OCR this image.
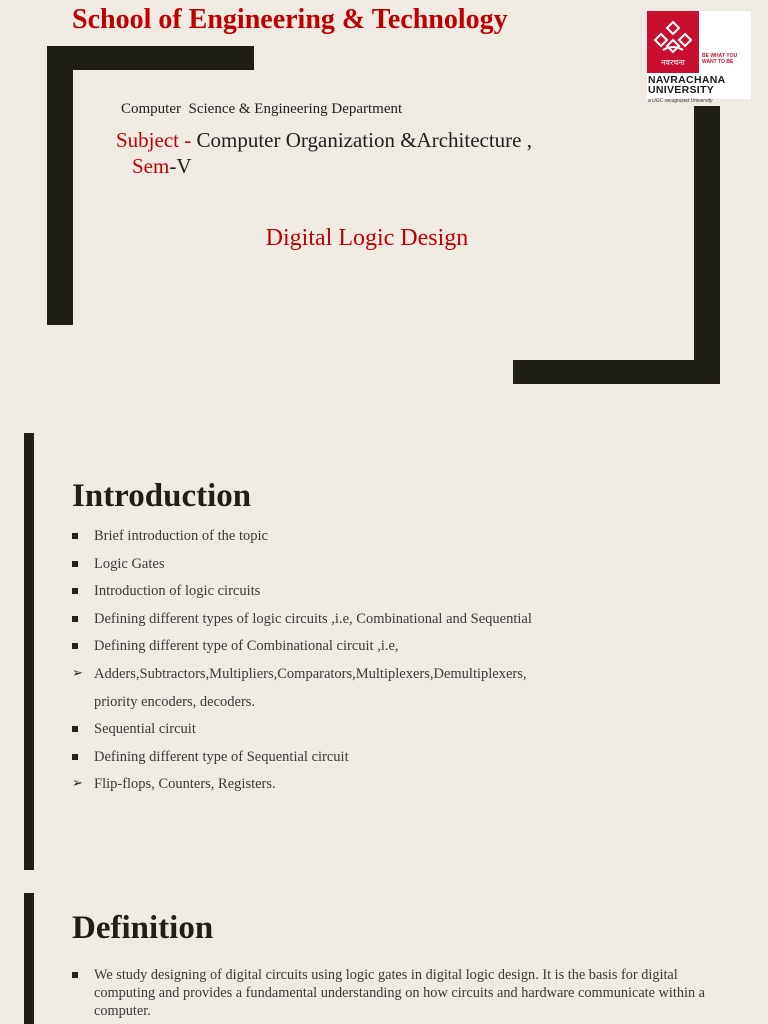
School of Engineering & Technology
नवरचना
BE WHAT YOU WANT TO BE
NAVRACHANA
UNIVERSITY
a UGC recognized University
Computer  Science & Engineering Department
Subject - Computer Organization &Architecture ,
Sem-V
Digital Logic Design
Introduction
Brief introduction of the topic
Logic Gates
Introduction of logic circuits
Defining different types of logic circuits ,i.e, Combinational and Sequential
Defining different type of Combinational circuit ,i.e,
➢ Adders,Subtractors,Multipliers,Comparators,Multiplexers,Demultiplexers,
priority encoders, decoders.
Sequential circuit
Defining different type of Sequential circuit
➢ Flip-flops, Counters, Registers.
Definition
We study designing of digital circuits using logic gates in digital logic design. It is the basis for digital computing and provides a fundamental understanding on how circuits and hardware communicate within a computer.
